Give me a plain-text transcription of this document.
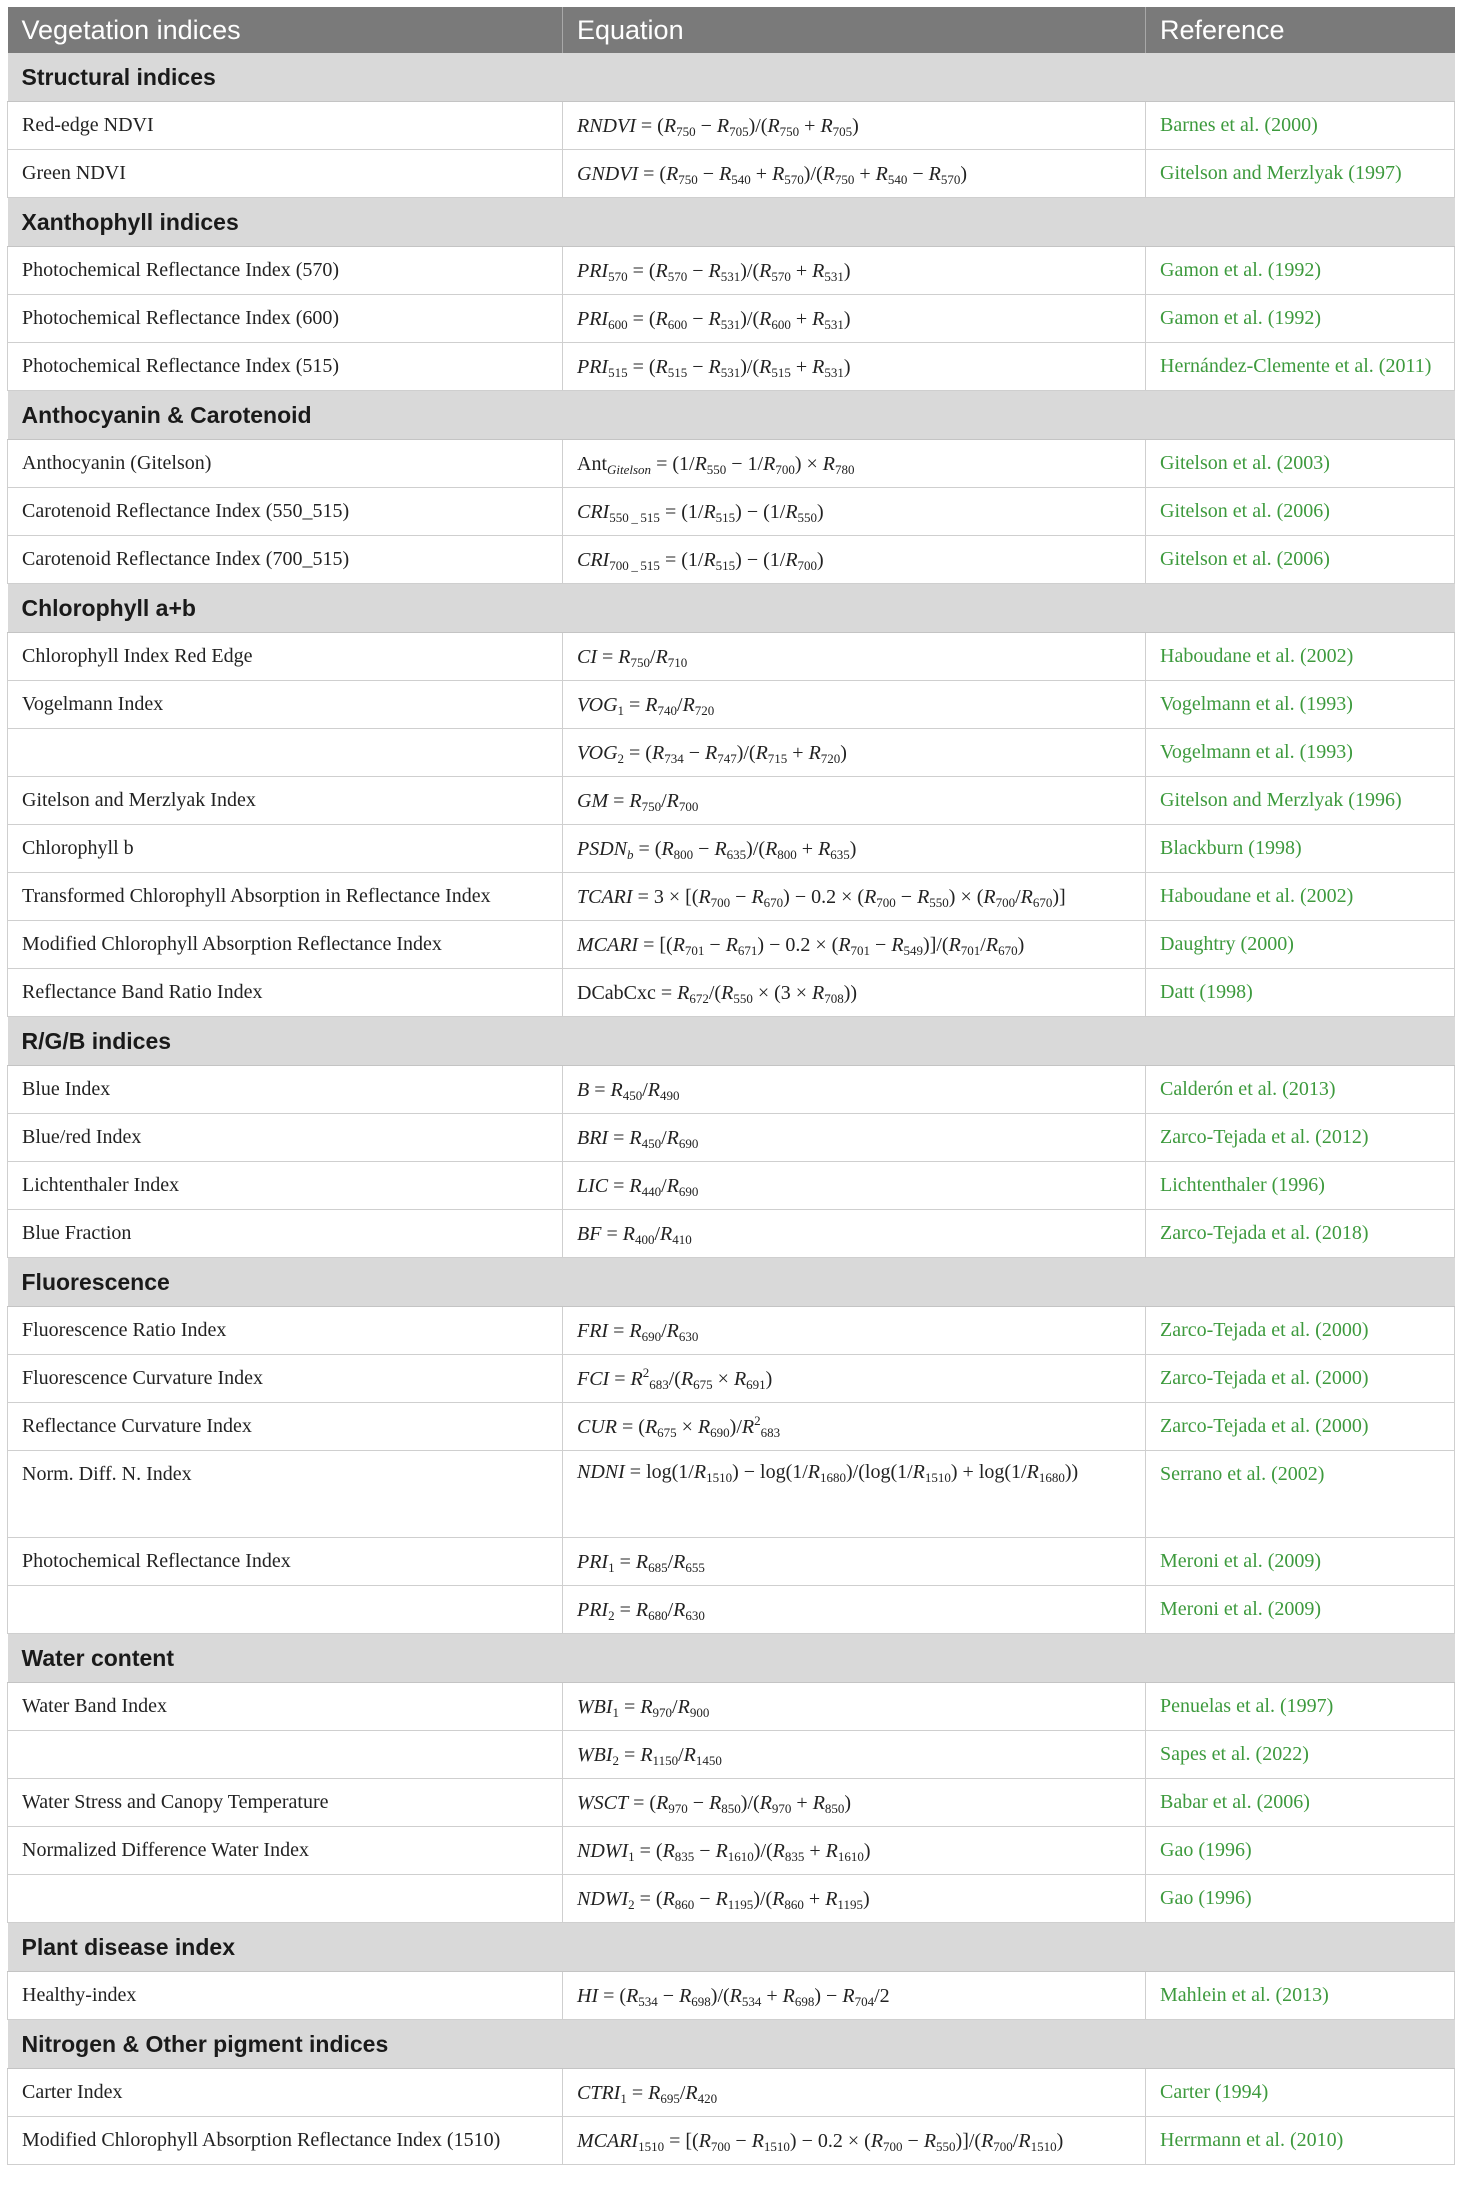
Vegetation indices	Equation	Reference
Structural indices		
Red-edge NDVI	RNDVI = $(R_{750} - R_{705})/(R_{750} + R_{705})$	Barnes et al. (2000)
Green NDVI	GNDVI = $(R_{750} - R_{540} + R_{570})/(R_{750} + R_{540} - R_{570})$	Gitelson and Merzlyak (1997)
Xanthophyll indices		
Photochemical Reflectance Index (570)	$PRI_{570} = (R_{570} - R_{531})/(R_{570} + R_{531})$	Gamon et al. (1992)
Photochemical Reflectance Index (600)	$PRI_{600} = (R_{600} - R_{531})/(R_{600} + R_{531})$	Gamon et al. (1992)
Photochemical Reflectance Index (515)	$PRI_{515} = (R_{515} - R_{531})/(R_{515} + R_{531})$	Hernández-Clemente et al. (2011)
Anthocyanin & Carotenoid		
Anthocyanin (Gitelson)	$Ant_{Gitelson} = (1/R_{550} - 1/R_{700}) \times R_{780}$	Gitelson et al. (2003)
Carotenoid Reflectance Index (550_515)	$CRI_{550 \_ 515} = (1/R_{515}) - (1/R_{550})$	Gitelson et al. (2006)
Carotenoid Reflectance Index (700_515)	$CRI_{700 \_ 515} = (1/R_{515}) - (1/R_{700})$	Gitelson et al. (2006)
Chlorophyll a+b		
Chlorophyll Index Red Edge	CI = $R_{750}/R_{710}$	Haboudane et al. (2002)
Vogelmann Index	$VOG_1 = R_{740}/R_{720}$	Vogelmann et al. (1993)
	$VOG_2 = (R_{734} - R_{747})/(R_{715} + R_{720})$	Vogelmann et al. (1993)
Gitelson and Merzlyak Index	GM = $R_{750}/R_{700}$	Gitelson and Merzlyak (1996)
Chlorophyll b	$PSDN_b = (R_{800} - R_{635})/(R_{800} + R_{635})$	Blackburn (1998)
Transformed Chlorophyll Absorption in Reflectance Index	TCARI = $3 \times [(R_{700} - R_{670}) - 0.2 \times (R_{700} - R_{550}) \times (R_{700}/R_{670})]$	Haboudane et al. (2002)
Modified Chlorophyll Absorption Reflectance Index	MCARI = $[(R_{701} - R_{671}) - 0.2 \times (R_{701} - R_{549})]/(R_{701}/R_{670})$	Daughtry (2000)
Reflectance Band Ratio Index	DCabCxc = $R_{672}/(R_{550} \times (3 \times R_{708}))$	Datt (1998)
R/G/B indices		
Blue Index	$B = R_{450}/R_{490}$	Calderón et al. (2013)
Blue/red Index	BRI = $R_{450}/R_{690}$	Zarco-Tejada et al. (2012)
Lichtenthaler Index	LIC = $R_{440}/R_{690}$	Lichtenthaler (1996)
Blue Fraction	BF = $R_{400}/R_{410}$	Zarco-Tejada et al. (2018)
Fluorescence		
Fluorescence Ratio Index	FRI = $R_{690}/R_{630}$	Zarco-Tejada et al. (2000)
Fluorescence Curvature Index	FCI = $R^2_{683}/(R_{675} \times R_{691})$	Zarco-Tejada et al. (2000)
Reflectance Curvature Index	CUR = $(R_{675} \times R_{690})/R^2_{683}$	Zarco-Tejada et al. (2000)
Norm. Diff. N. Index	NDNI = $\log(1/R_{1510}) - \log(1/R_{1680})/(\log(1/R_{1510}) + \log(1/R_{1680}))$	Serrano et al. (2002)
Photochemical Reflectance Index	$PRI_1 = R_{685}/R_{655}$	Meroni et al. (2009)
	$PRI_2 = R_{680}/R_{630}$	Meroni et al. (2009)
Water content		
Water Band Index	$WBI_1 = R_{970}/R_{900}$	Penuelas et al. (1997)
	$WBI_2 = R_{1150}/R_{1450}$	Sapes et al. (2022)
Water Stress and Canopy Temperature	WSCT = $(R_{970} - R_{850})/(R_{970} + R_{850})$	Babar et al. (2006)
Normalized Difference Water Index	$NDWI_1 = (R_{835} - R_{1610})/(R_{835} + R_{1610})$	Gao (1996)
	$NDWI_2 = (R_{860} - R_{1195})/(R_{860} + R_{1195})$	Gao (1996)
Plant disease index		
Healthy-index	HI = $(R_{534} - R_{698})/(R_{534} + R_{698}) - R_{704}/2$	Mahlein et al. (2013)
Nitrogen & Other pigment indices		
Carter Index	$CTRI_1 = R_{695}/R_{420}$	Carter (1994)
Modified Chlorophyll Absorption Reflectance Index (1510)	$MCARI_{1510} = [(R_{700} - R_{1510}) - 0.2 \times (R_{700} - R_{550})]/(R_{700}/R_{1510})$	Herrmann et al. (2010)
